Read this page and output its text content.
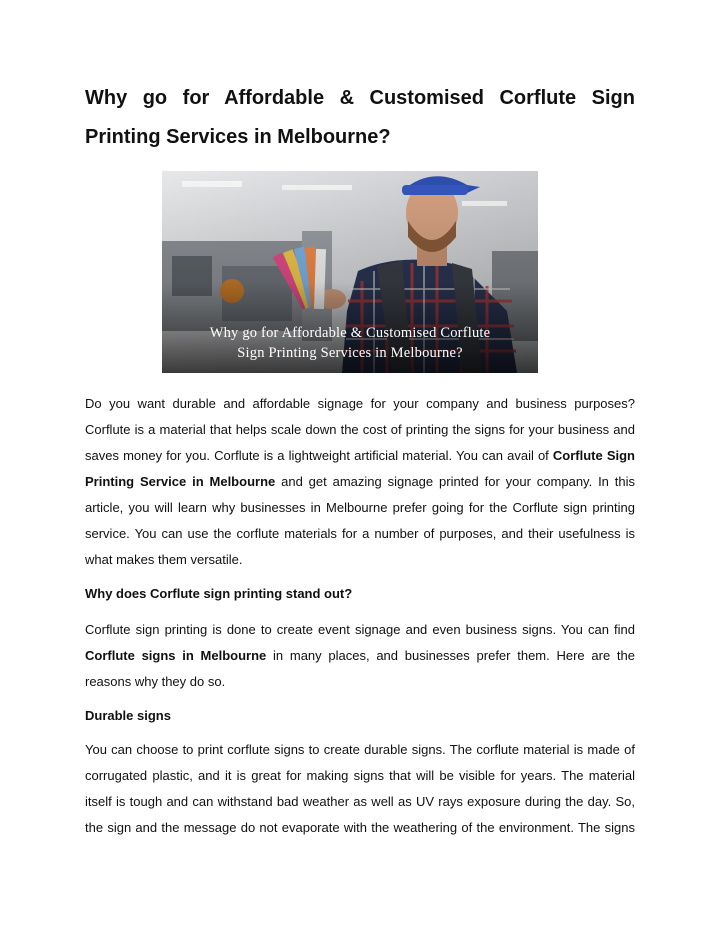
Why go for Affordable & Customised Corflute Sign Printing Services in Melbourne?
Why go for Affordable & Customised Corflute
Sign Printing Services in Melbourne?

Do you want durable and affordable signage for your company and business purposes? Corflute is a material that helps scale down the cost of printing the signs for your business and saves money for you. Corflute is a lightweight artificial material. You can avail of Corflute Sign Printing Service in Melbourne and get amazing signage printed for your company. In this article, you will learn why businesses in Melbourne prefer going for the Corflute sign printing service. You can use the corflute materials for a number of purposes, and their usefulness is what makes them versatile.

Why does Corflute sign printing stand out?

Corflute sign printing is done to create event signage and even business signs. You can find Corflute signs in Melbourne in many places, and businesses prefer them. Here are the reasons why they do so.

Durable signs

You can choose to print corflute signs to create durable signs. The corflute material is made of corrugated plastic, and it is great for making signs that will be visible for years. The material itself is tough and can withstand bad weather as well as UV rays exposure during the day. So, the sign and the message do not evaporate with the weathering of the environment. The signs
